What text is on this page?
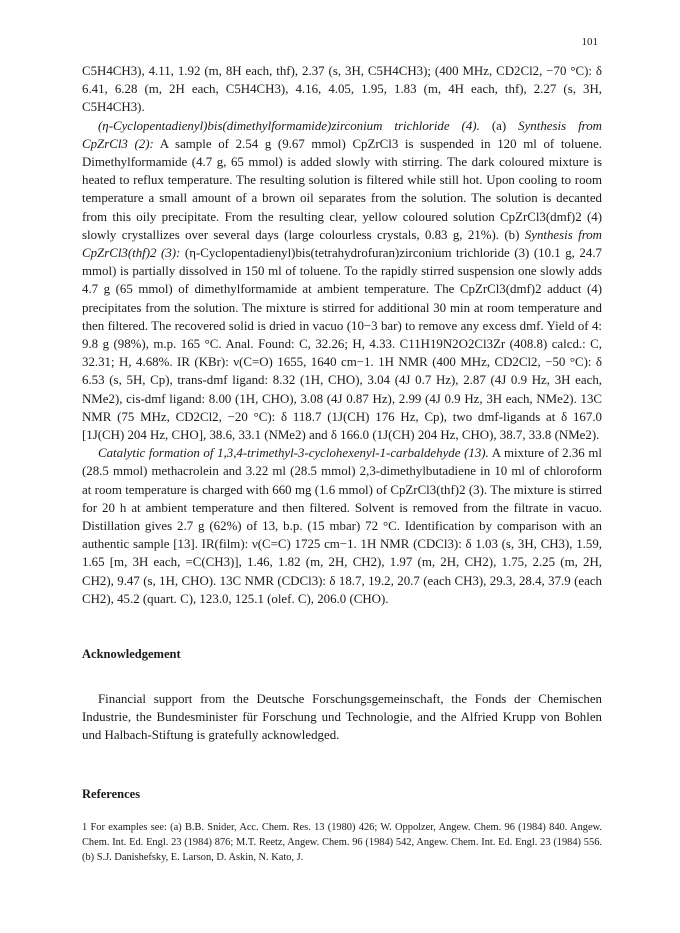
101

C5H4CH3), 4.11, 1.92 (m, 8H each, thf), 2.37 (s, 3H, C5H4CH3); (400 MHz, CD2Cl2, −70 °C): δ 6.41, 6.28 (m, 2H each, C5H4CH3), 4.16, 4.05, 1.95, 1.83 (m, 4H each, thf), 2.27 (s, 3H, C5H4CH3).

(η-Cyclopentadienyl)bis(dimethylformamide)zirconium trichloride (4). (a) Synthesis from CpZrCl3 (2): A sample of 2.54 g (9.67 mmol) CpZrCl3 is suspended in 120 ml of toluene. Dimethylformamide (4.7 g, 65 mmol) is added slowly with stirring. The dark coloured mixture is heated to reflux temperature. The resulting solution is filtered while still hot. Upon cooling to room temperature a small amount of a brown oil separates from the solution. The solution is decanted from this oily precipitate. From the resulting clear, yellow coloured solution CpZrCl3(dmf)2 (4) slowly crystallizes over several days (large colourless crystals, 0.83 g, 21%). (b) Synthesis from CpZrCl3(thf)2 (3): (η-Cyclopentadienyl)bis(tetrahydrofuran)zirconium trichloride (3) (10.1 g, 24.7 mmol) is partially dissolved in 150 ml of toluene. To the rapidly stirred suspension one slowly adds 4.7 g (65 mmol) of dimethylformamide at ambient temperature. The CpZrCl3(dmf)2 adduct (4) precipitates from the solution. The mixture is stirred for additional 30 min at room temperature and then filtered. The recovered solid is dried in vacuo (10−3 bar) to remove any excess dmf. Yield of 4: 9.8 g (98%), m.p. 165 °C. Anal. Found: C, 32.26; H, 4.33. C11H19N2O2Cl3Zr (408.8) calcd.: C, 32.31; H, 4.68%. IR (KBr): ν(C=O) 1655, 1640 cm−1. 1H NMR (400 MHz, CD2Cl2, −50 °C): δ 6.53 (s, 5H, Cp), trans-dmf ligand: 8.32 (1H, CHO), 3.04 (4J 0.7 Hz), 2.87 (4J 0.9 Hz, 3H each, NMe2), cis-dmf ligand: 8.00 (1H, CHO), 3.08 (4J 0.87 Hz), 2.99 (4J 0.9 Hz, 3H each, NMe2). 13C NMR (75 MHz, CD2Cl2, −20 °C): δ 118.7 (1J(CH) 176 Hz, Cp), two dmf-ligands at δ 167.0 [1J(CH) 204 Hz, CHO], 38.6, 33.1 (NMe2) and δ 166.0 (1J(CH) 204 Hz, CHO), 38.7, 33.8 (NMe2).

Catalytic formation of 1,3,4-trimethyl-3-cyclohexenyl-1-carbaldehyde (13). A mixture of 2.36 ml (28.5 mmol) methacrolein and 3.22 ml (28.5 mmol) 2,3-dimethylbutadiene in 10 ml of chloroform at room temperature is charged with 660 mg (1.6 mmol) of CpZrCl3(thf)2 (3). The mixture is stirred for 20 h at ambient temperature and then filtered. Solvent is removed from the filtrate in vacuo. Distillation gives 2.7 g (62%) of 13, b.p. (15 mbar) 72 °C. Identification by comparison with an authentic sample [13]. IR(film): ν(C=C) 1725 cm−1. 1H NMR (CDCl3): δ 1.03 (s, 3H, CH3), 1.59, 1.65 [m, 3H each, =C(CH3)], 1.46, 1.82 (m, 2H, CH2), 1.97 (m, 2H, CH2), 1.75, 2.25 (m, 2H, CH2), 9.47 (s, 1H, CHO). 13C NMR (CDCl3): δ 18.7, 19.2, 20.7 (each CH3), 29.3, 28.4, 37.9 (each CH2), 45.2 (quart. C), 123.0, 125.1 (olef. C), 206.0 (CHO).

Acknowledgement

Financial support from the Deutsche Forschungsgemeinschaft, the Fonds der Chemischen Industrie, the Bundesminister für Forschung und Technologie, and the Alfried Krupp von Bohlen und Halbach-Stiftung is gratefully acknowledged.

References

1 For examples see: (a) B.B. Snider, Acc. Chem. Res. 13 (1980) 426; W. Oppolzer, Angew. Chem. 96 (1984) 840. Angew. Chem. Int. Ed. Engl. 23 (1984) 876; M.T. Reetz, Angew. Chem. 96 (1984) 542, Angew. Chem. Int. Ed. Engl. 23 (1984) 556. (b) S.J. Danishefsky, E. Larson, D. Askin, N. Kato, J.
